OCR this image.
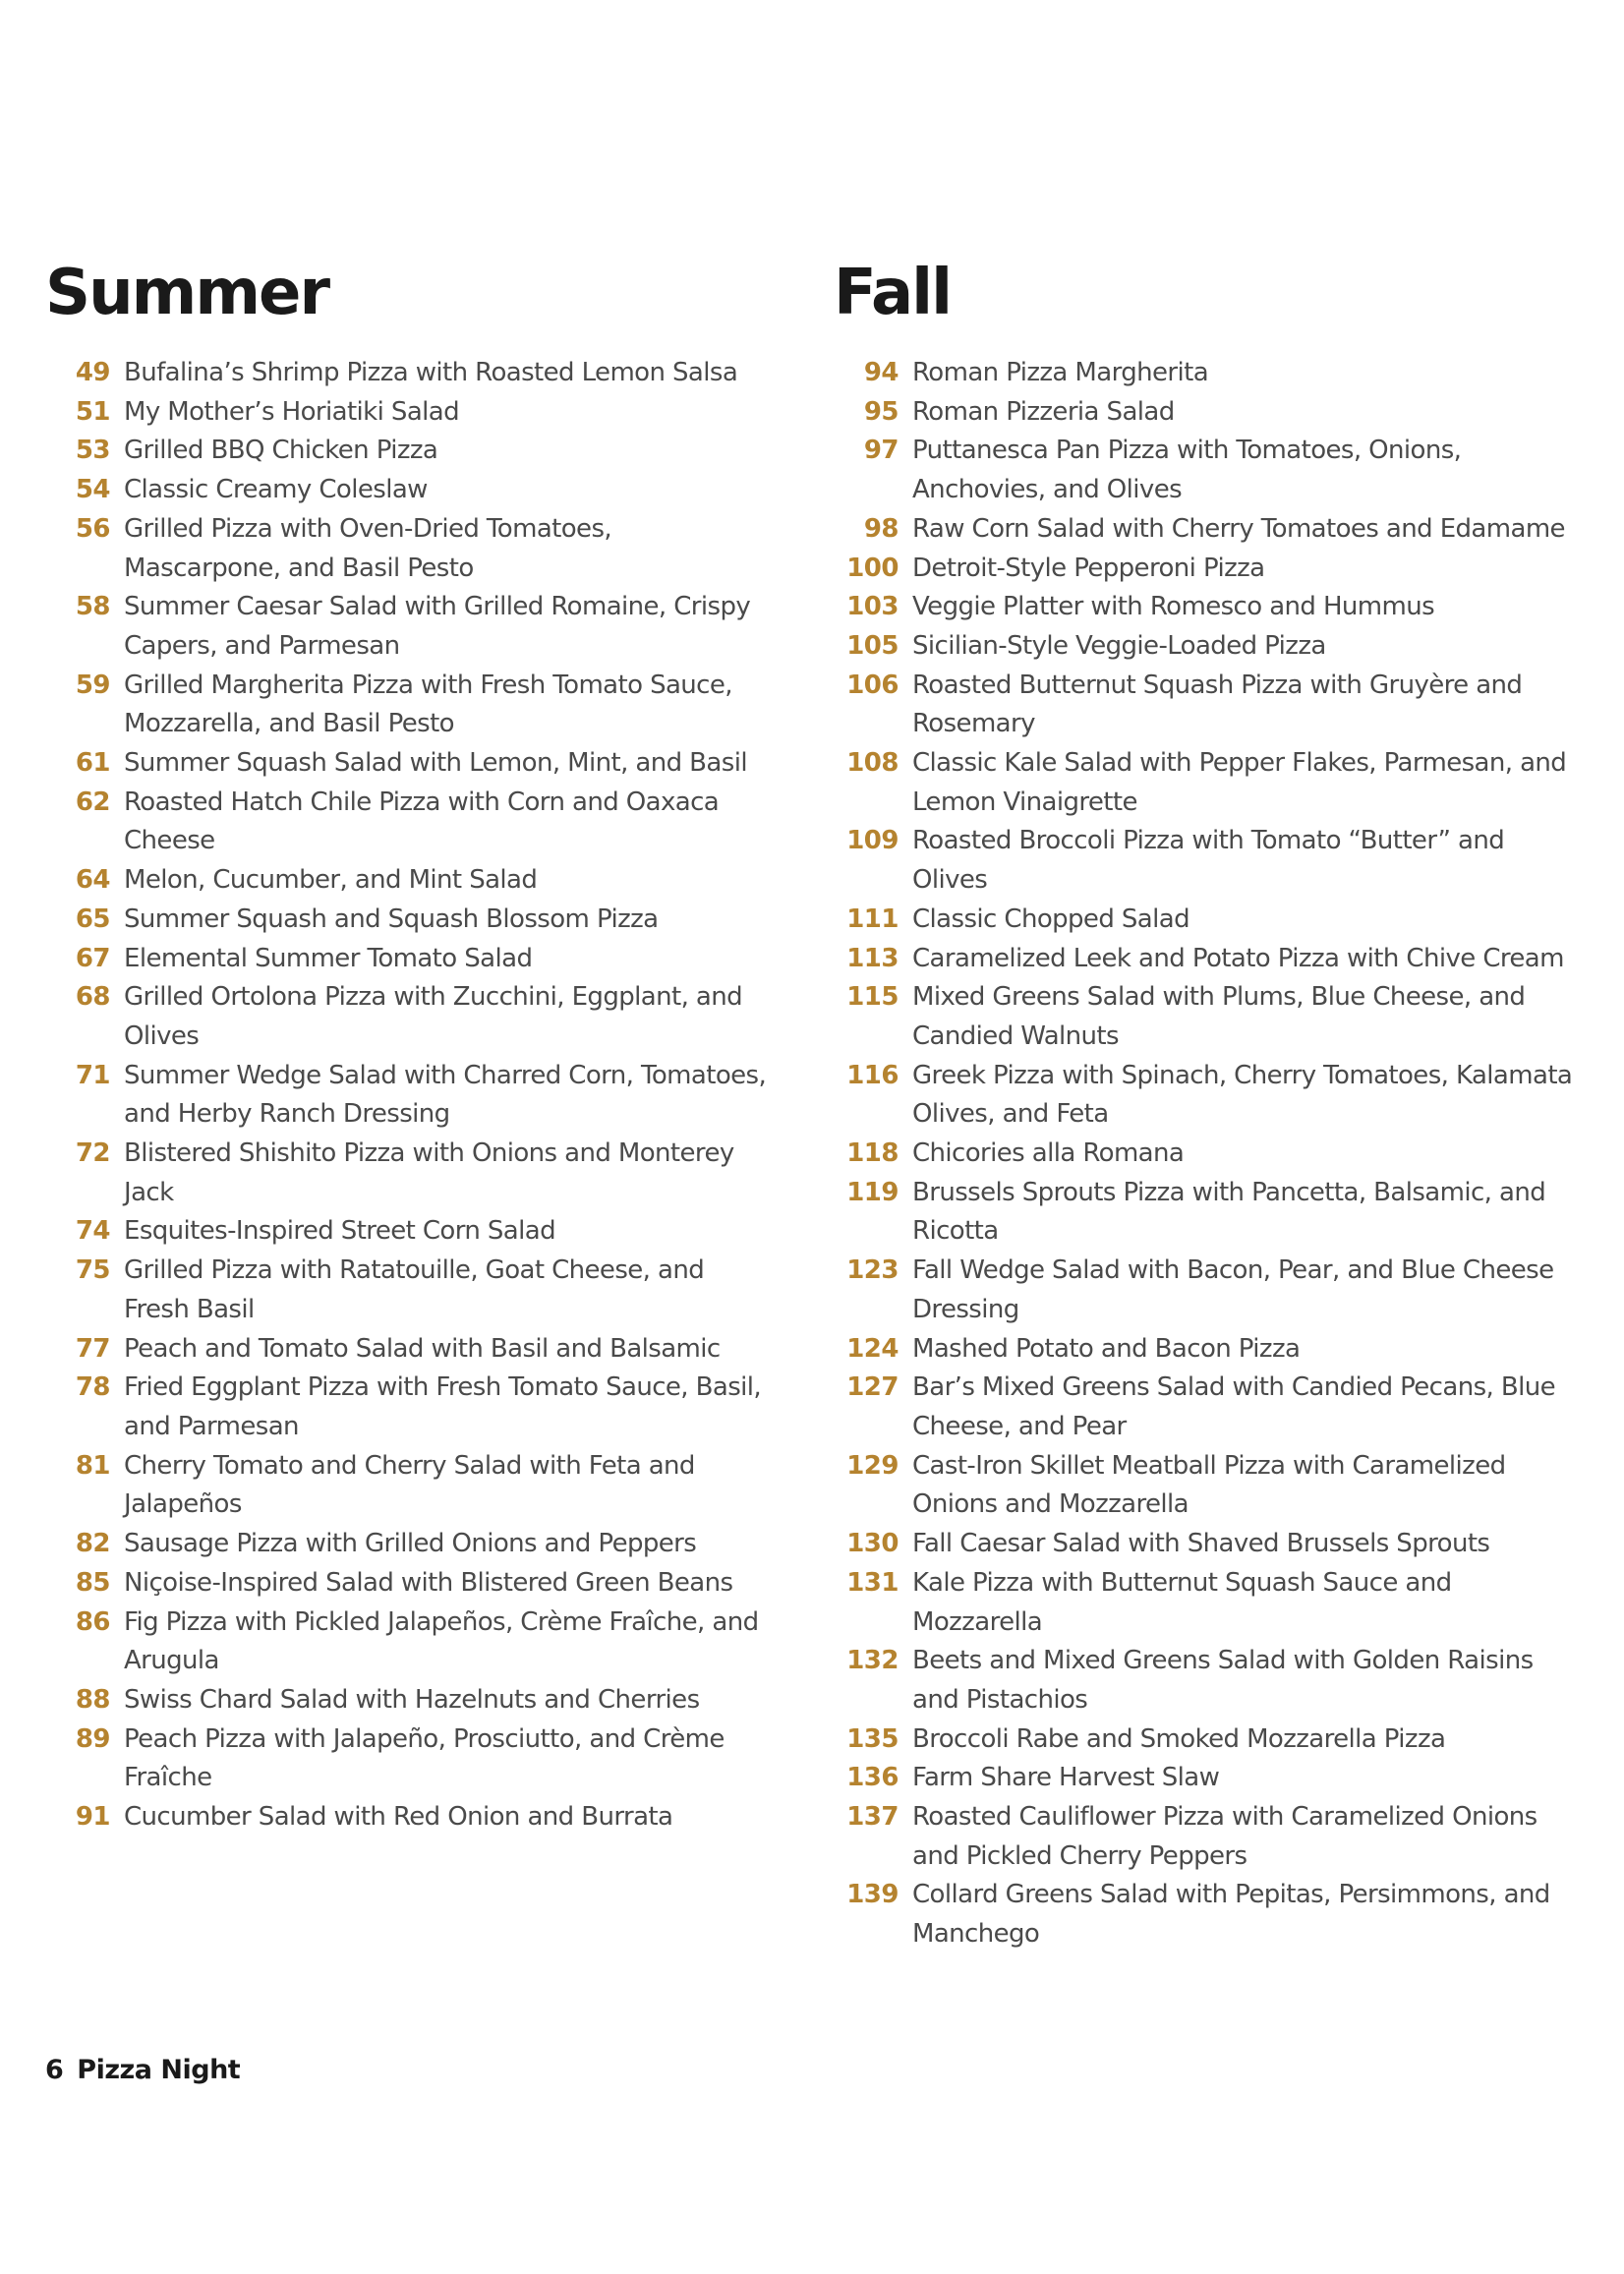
Summer
49 Bufalina’s Shrimp Pizza with Roasted Lemon Salsa
51 My Mother’s Horiatiki Salad
53 Grilled BBQ Chicken Pizza
54 Classic Creamy Coleslaw
56 Grilled Pizza with Oven-Dried Tomatoes, Mascarpone, and Basil Pesto
58 Summer Caesar Salad with Grilled Romaine, Crispy Capers, and Parmesan
59 Grilled Margherita Pizza with Fresh Tomato Sauce, Mozzarella, and Basil Pesto
61 Summer Squash Salad with Lemon, Mint, and Basil
62 Roasted Hatch Chile Pizza with Corn and Oaxaca Cheese
64 Melon, Cucumber, and Mint Salad
65 Summer Squash and Squash Blossom Pizza
67 Elemental Summer Tomato Salad
68 Grilled Ortolona Pizza with Zucchini, Eggplant, and Olives
71 Summer Wedge Salad with Charred Corn, Tomatoes, and Herby Ranch Dressing
72 Blistered Shishito Pizza with Onions and Monterey Jack
74 Esquites-Inspired Street Corn Salad
75 Grilled Pizza with Ratatouille, Goat Cheese, and Fresh Basil
77 Peach and Tomato Salad with Basil and Balsamic
78 Fried Eggplant Pizza with Fresh Tomato Sauce, Basil, and Parmesan
81 Cherry Tomato and Cherry Salad with Feta and Jalapeños
82 Sausage Pizza with Grilled Onions and Peppers
85 Niçoise-Inspired Salad with Blistered Green Beans
86 Fig Pizza with Pickled Jalapeños, Crème Fraîche, and Arugula
88 Swiss Chard Salad with Hazelnuts and Cherries
89 Peach Pizza with Jalapeño, Prosciutto, and Crème Fraîche
91 Cucumber Salad with Red Onion and Burrata
Fall
94 Roman Pizza Margherita
95 Roman Pizzeria Salad
97 Puttanesca Pan Pizza with Tomatoes, Onions, Anchovies, and Olives
98 Raw Corn Salad with Cherry Tomatoes and Edamame
100 Detroit-Style Pepperoni Pizza
103 Veggie Platter with Romesco and Hummus
105 Sicilian-Style Veggie-Loaded Pizza
106 Roasted Butternut Squash Pizza with Gruyère and Rosemary
108 Classic Kale Salad with Pepper Flakes, Parmesan, and Lemon Vinaigrette
109 Roasted Broccoli Pizza with Tomato “Butter” and Olives
111 Classic Chopped Salad
113 Caramelized Leek and Potato Pizza with Chive Cream
115 Mixed Greens Salad with Plums, Blue Cheese, and Candied Walnuts
116 Greek Pizza with Spinach, Cherry Tomatoes, Kalamata Olives, and Feta
118 Chicories alla Romana
119 Brussels Sprouts Pizza with Pancetta, Balsamic, and Ricotta
123 Fall Wedge Salad with Bacon, Pear, and Blue Cheese Dressing
124 Mashed Potato and Bacon Pizza
127 Bar’s Mixed Greens Salad with Candied Pecans, Blue Cheese, and Pear
129 Cast-Iron Skillet Meatball Pizza with Caramelized Onions and Mozzarella
130 Fall Caesar Salad with Shaved Brussels Sprouts
131 Kale Pizza with Butternut Squash Sauce and Mozzarella
132 Beets and Mixed Greens Salad with Golden Raisins and Pistachios
135 Broccoli Rabe and Smoked Mozzarella Pizza
136 Farm Share Harvest Slaw
137 Roasted Cauliflower Pizza with Caramelized Onions and Pickled Cherry Peppers
139 Collard Greens Salad with Pepitas, Persimmons, and Manchego
6 Pizza Night
